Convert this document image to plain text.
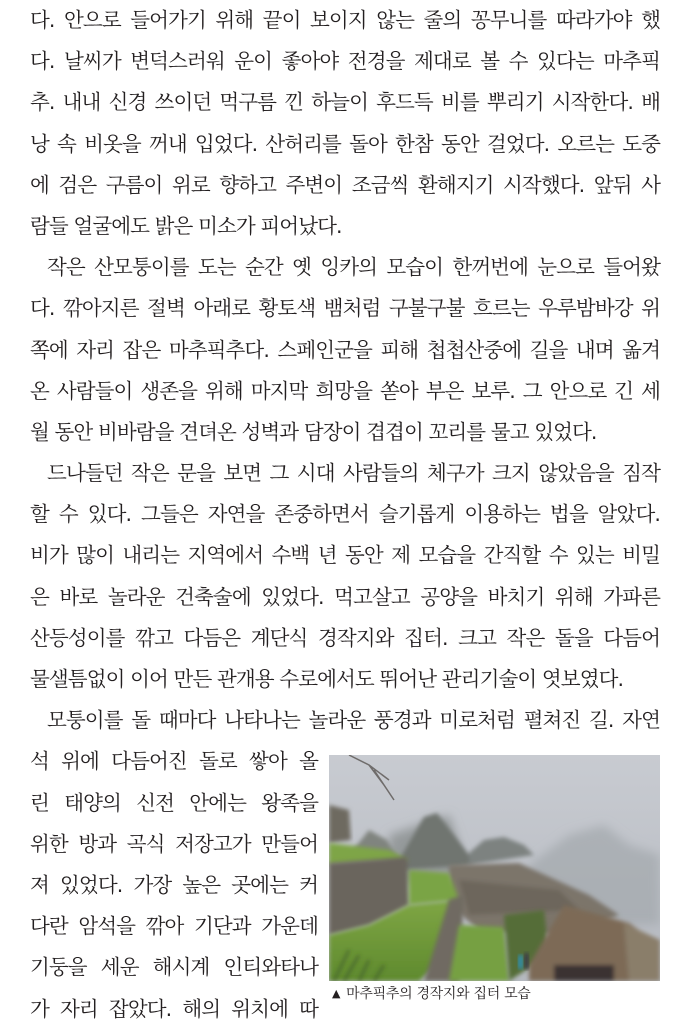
다. 안으로 들어가기 위해 끝이 보이지 않는 줄의 꽁무니를 따라가야 했
다. 날씨가 변덕스러워 운이 좋아야 전경을 제대로 볼 수 있다는 마추픽
추. 내내 신경 쓰이던 먹구름 낀 하늘이 후드득 비를 뿌리기 시작한다. 배
낭 속 비옷을 꺼내 입었다. 산허리를 돌아 한참 동안 걸었다. 오르는 도중
에 검은 구름이 위로 향하고 주변이 조금씩 환해지기 시작했다. 앞뒤 사
람들 얼굴에도 밝은 미소가 피어났다.
작은 산모퉁이를 도는 순간 옛 잉카의 모습이 한꺼번에 눈으로 들어왔
다. 깎아지른 절벽 아래로 황토색 뱀처럼 구불구불 흐르는 우루밤바강 위
쪽에 자리 잡은 마추픽추다. 스페인군을 피해 첩첩산중에 길을 내며 옮겨
온 사람들이 생존을 위해 마지막 희망을 쏟아 부은 보루. 그 안으로 긴 세
월 동안 비바람을 견뎌온 성벽과 담장이 겹겹이 꼬리를 물고 있었다.
드나들던 작은 문을 보면 그 시대 사람들의 체구가 크지 않았음을 짐작
할 수 있다. 그들은 자연을 존중하면서 슬기롭게 이용하는 법을 알았다.
비가 많이 내리는 지역에서 수백 년 동안 제 모습을 간직할 수 있는 비밀
은 바로 놀라운 건축술에 있었다. 먹고살고 공양을 바치기 위해 가파른
산등성이를 깎고 다듬은 계단식 경작지와 집터. 크고 작은 돌을 다듬어
물샐틈없이 이어 만든 관개용 수로에서도 뛰어난 관리기술이 엿보였다.
모퉁이를 돌 때마다 나타나는 놀라운 풍경과 미로처럼 펼쳐진 길. 자연
석 위에 다듬어진 돌로 쌓아 올
린 태양의 신전 안에는 왕족을
위한 방과 곡식 저장고가 만들어
져 있었다. 가장 높은 곳에는 커
다란 암석을 깎아 기단과 가운데
기둥을 세운 해시계 인티와타나
가 자리 잡았다. 해의 위치에 따
▲ 마추픽추의 경작지와 집터 모습
